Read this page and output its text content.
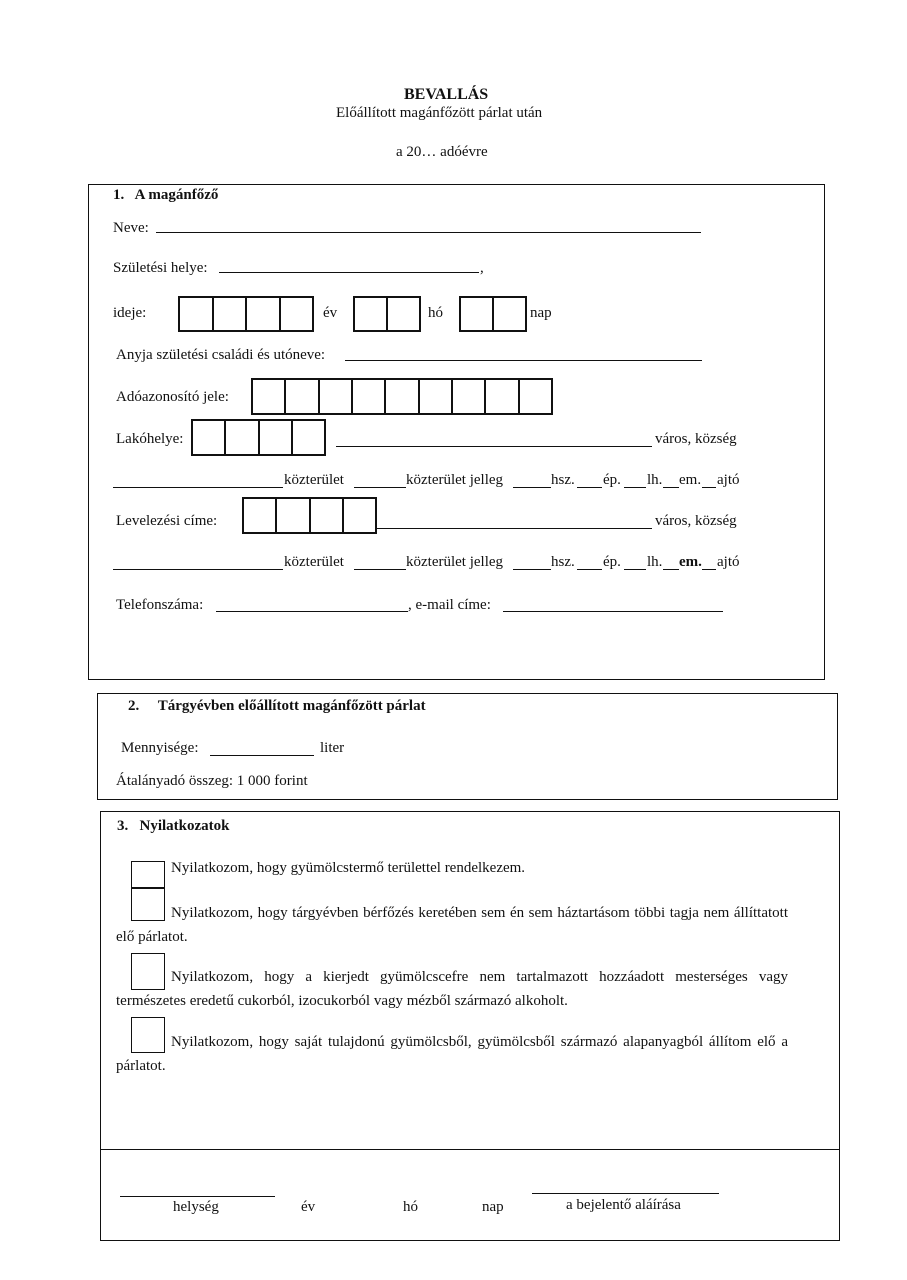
BEVALLÁS
Előállított magánfőzött párlat után
a 20… adóévre
1.   A magánfőző
Neve:
Születési helye:	,
ideje:	év	hó	nap
Anyja születési családi és utóneve:
Adóazonosító jele:
Lakóhelye:	város, község
közterület	közterület jelleg	hsz. ép. lh. em. ajtó
Levelezési címe:	város, község
közterület	közterület jelleg	hsz. ép. lh. em. ajtó
Telefonszáma:	, e-mail címe:
2.     Tárgyévben előállított magánfőzött párlat
Mennyisége:	liter
Átalányadó összeg: 1 000 forint
3.   Nyilatkozatok
Nyilatkozom, hogy gyümölcstermő területtel rendelkezem.
Nyilatkozom, hogy tárgyévben bérfőzés keretében sem én sem háztartásom többi tagja nem állíttatott elő párlatot.
Nyilatkozom, hogy a kierjedt gyümölcscefre nem tartalmazott hozzáadott mesterséges vagy természetes eredetű cukorból, izocukorból vagy mézből származó alkoholt.
Nyilatkozom, hogy saját tulajdonú gyümölcsből, gyümölcsből származó alapanyagból állítom elő a párlatot.
helység	év	hó	nap	a bejelentő aláírása
